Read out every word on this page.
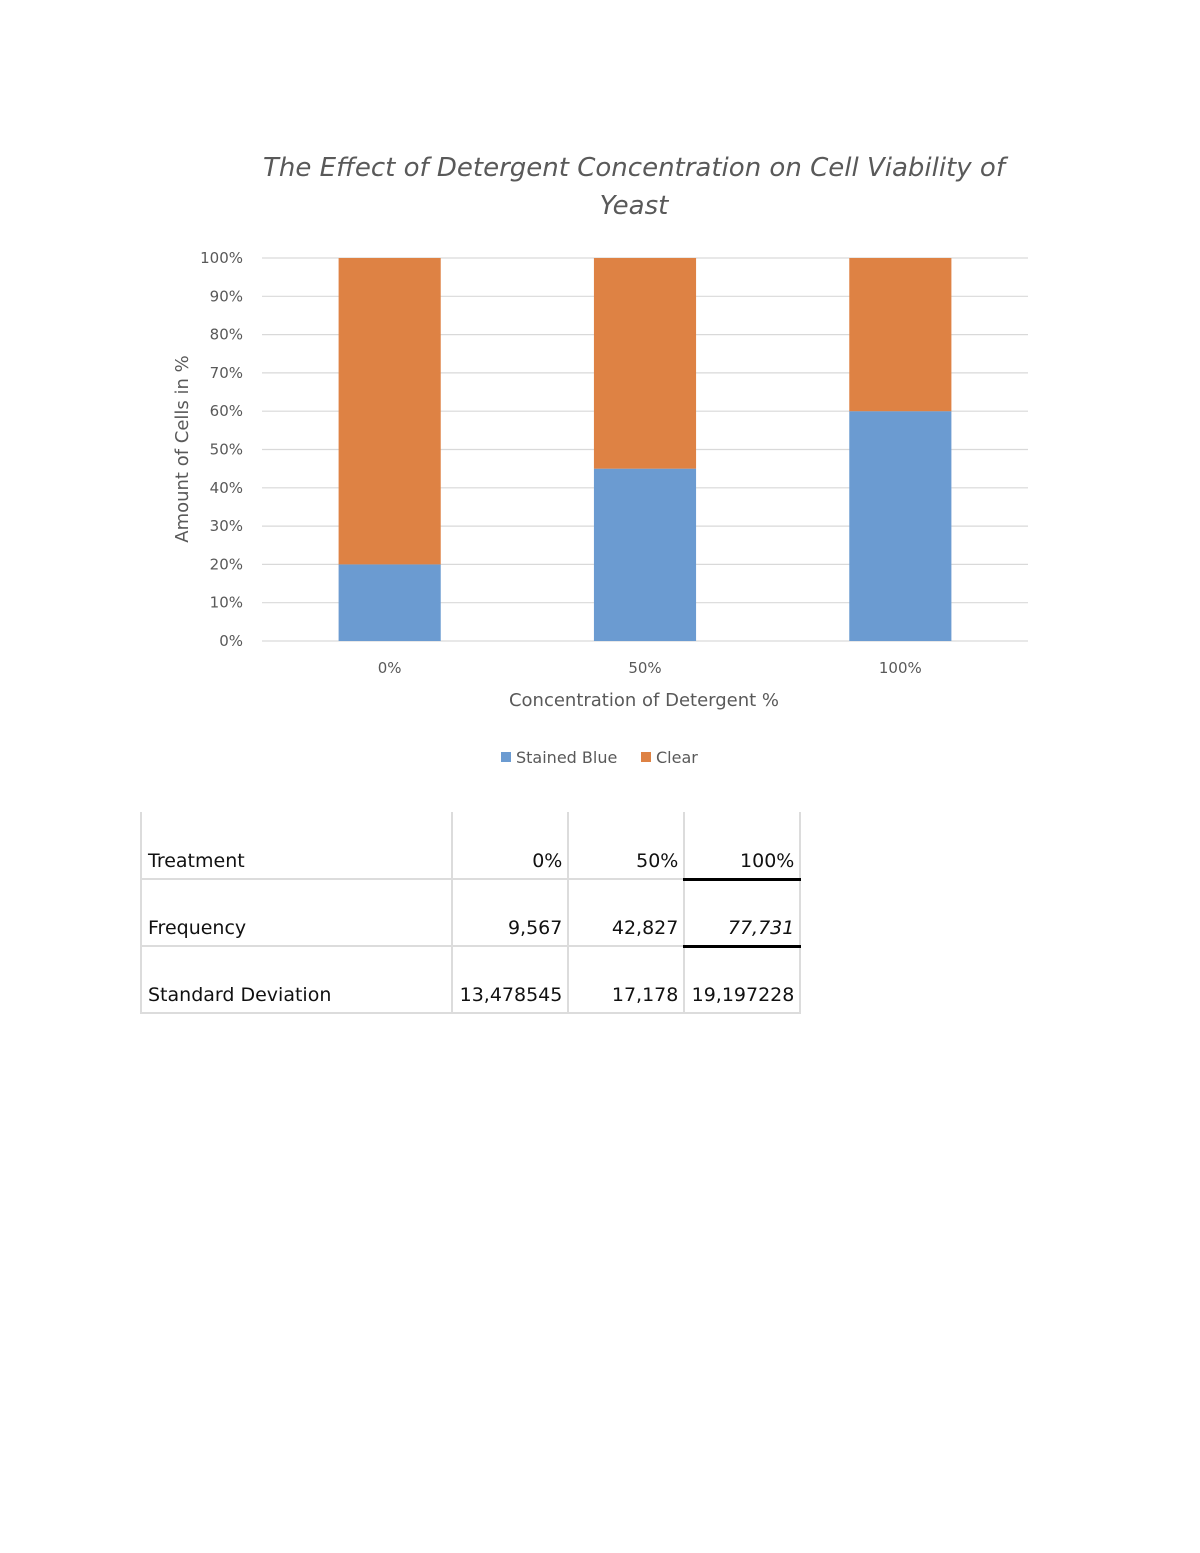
The Effect of Detergent Concentration on Cell Viability of
Yeast
0%
10%
20%
30%
40%
50%
60%
70%
80%
90%
100%
0%	50%	100%
Amount of Cells in %
Concentration of Detergent %
Stained Blue Clear
Treatment		0%	50%	100%
Frequency		9,567	42,827	77,731
Standard Deviation		13,478545	17,178	19,197228
